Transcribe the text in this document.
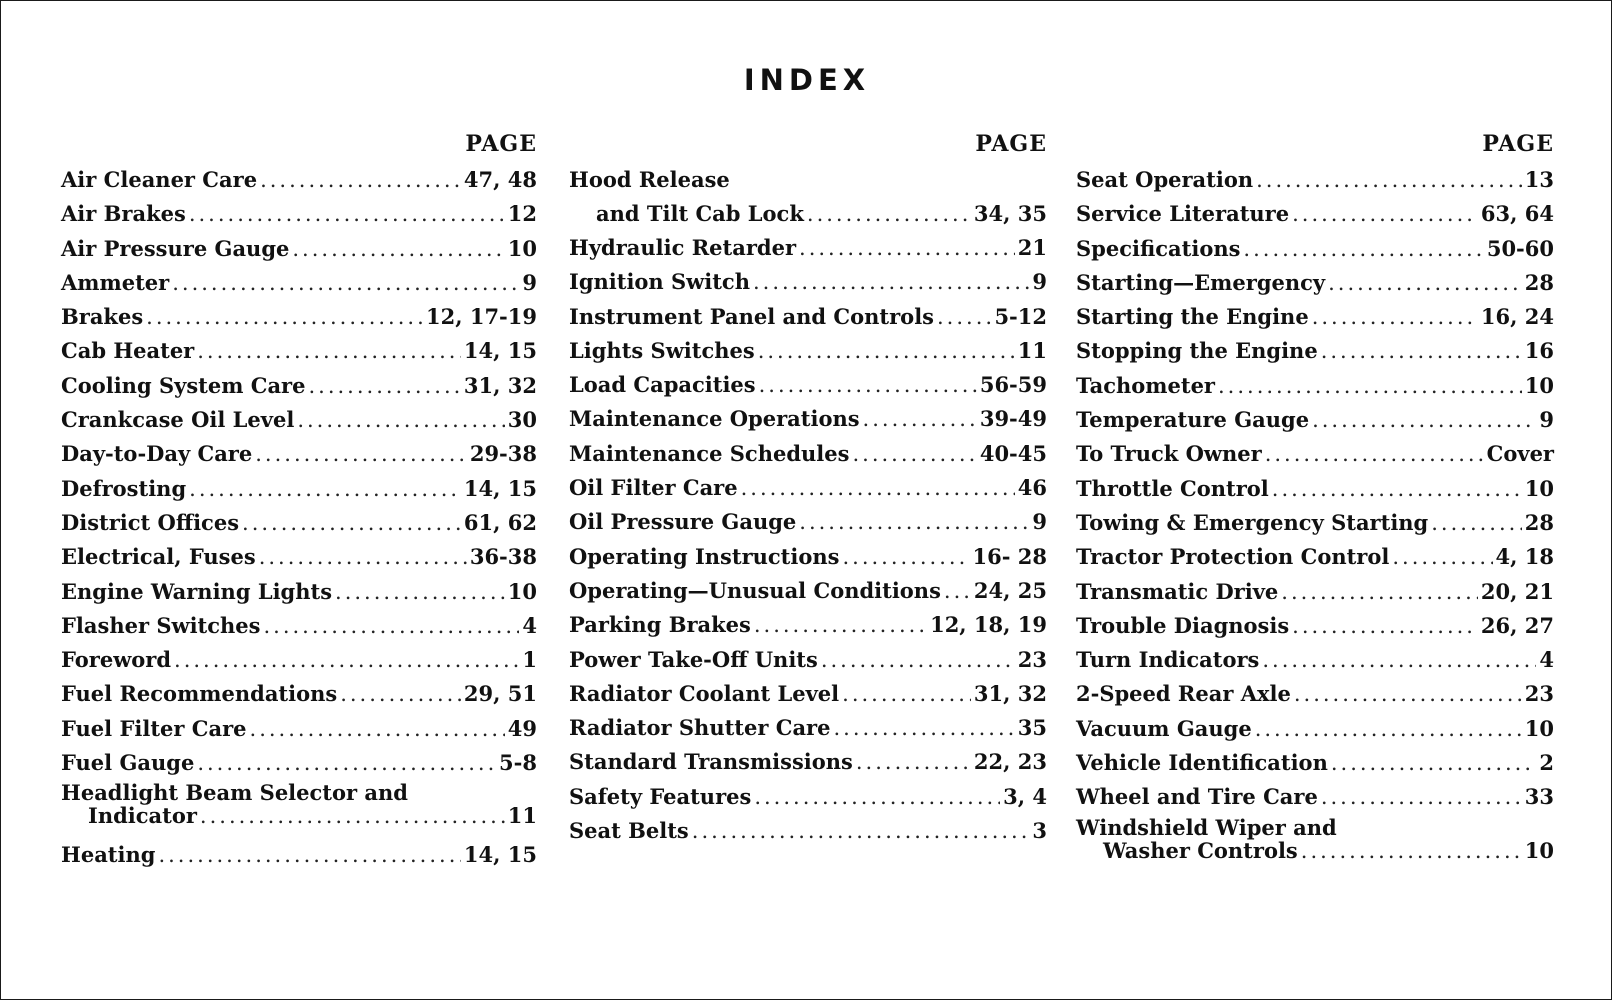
INDEX
PAGE
Air Cleaner Care .....	47, 48
Air Brakes .....	12
Air Pressure Gauge .....	10
Ammeter .....	9
Brakes .....	12, 17-19
Cab Heater .....	14, 15
Cooling System Care .....	31, 32
Crankcase Oil Level .....	30
Day-to-Day Care .....	29-38
Defrosting .....	14, 15
District Offices .....	61, 62
Electrical, Fuses .....	36-38
Engine Warning Lights .....	10
Flasher Switches .....	4
Foreword .....	1
Fuel Recommendations .....	29, 51
Fuel Filter Care .....	49
Fuel Gauge .....	5-8
Headlight Beam Selector and
Indicator .....	11
Heating .....	14, 15
PAGE
Hood Release
and Tilt Cab Lock .....	34, 35
Hydraulic Retarder .....	21
Ignition Switch .....	9
Instrument Panel and Controls .....	5-12
Lights Switches .....	11
Load Capacities .....	56-59
Maintenance Operations .....	39-49
Maintenance Schedules .....	40-45
Oil Filter Care .....	46
Oil Pressure Gauge .....	9
Operating Instructions .....	16- 28
Operating—Unusual Conditions ..... 24, 25
Parking Brakes .....	12, 18, 19
Power Take-Off Units .....	23
Radiator Coolant Level .....	31, 32
Radiator Shutter Care .....	35
Standard Transmissions .....	22, 23
Safety Features .....	3, 4
Seat Belts .....	3
PAGE
Seat Operation .....	13
Service Literature .....	63, 64
Specifications .....	50-60
Starting—Emergency .....	28
Starting the Engine .....	16, 24
Stopping the Engine .....	16
Tachometer .....	10
Temperature Gauge .....	9
To Truck Owner .....	Cover
Throttle Control .....	10
Towing & Emergency Starting .....	28
Tractor Protection Control .....	4, 18
Transmatic Drive .....	20, 21
Trouble Diagnosis .....	26, 27
Turn Indicators .....	4
2-Speed Rear Axle .....	23
Vacuum Gauge .....	10
Vehicle Identification .....	2
Wheel and Tire Care .....	33
Windshield Wiper and
Washer Controls .....	10
